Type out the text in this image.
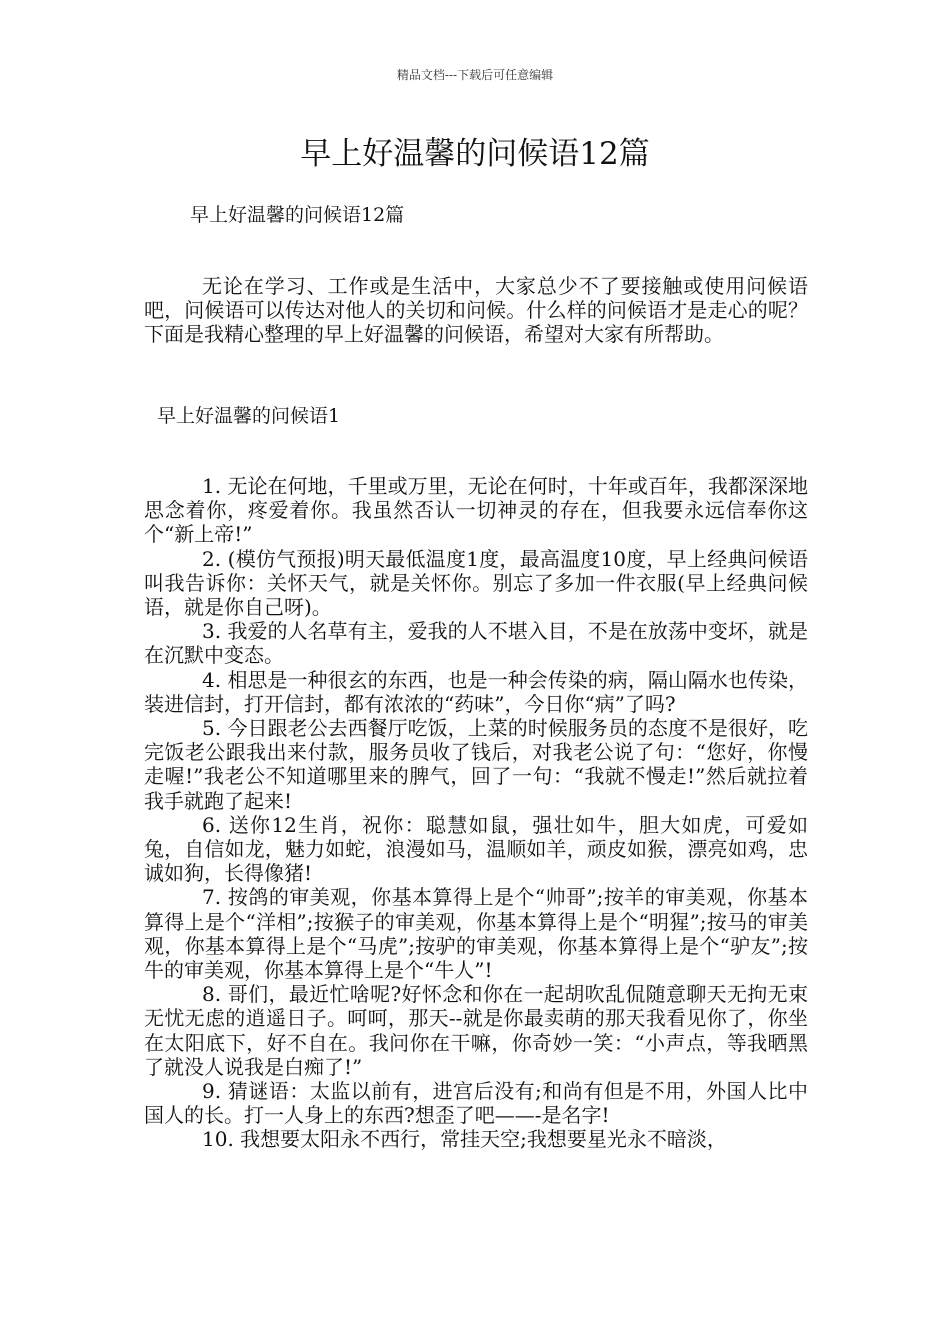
精品文档---下载后可任意编辑
早上好温馨的问候语12篇
早上好温馨的问候语12篇

无论在学习、工作或是生活中，大家总少不了要接触或使用问候语吧，问候语可以传达对他人的关切和问候。什么样的问候语才是走心的呢？下面是我精心整理的早上好温馨的问候语，希望对大家有所帮助。

早上好温馨的问候语1

1. 无论在何地，千里或万里，无论在何时，十年或百年，我都深深地思念着你，疼爱着你。我虽然否认一切神灵的存在，但我要永远信奉你这个“新上帝!”

2. (模仿气预报)明天最低温度1度，最高温度10度，早上经典问候语叫我告诉你：关怀天气，就是关怀你。别忘了多加一件衣服(早上经典问候语，就是你自己呀)。

3. 我爱的人名草有主，爱我的人不堪入目，不是在放荡中变坏，就是在沉默中变态。

4. 相思是一种很玄的东西，也是一种会传染的病，隔山隔水也传染，装进信封，打开信封，都有浓浓的“药味”，今日你“病”了吗?

5. 今日跟老公去西餐厅吃饭，上菜的时候服务员的态度不是很好，吃完饭老公跟我出来付款，服务员收了钱后，对我老公说了句：“您好，你慢走喔!”我老公不知道哪里来的脾气，回了一句：“我就不慢走!”然后就拉着我手就跑了起来!

6. 送你12生肖，祝你：聪慧如鼠，强壮如牛，胆大如虎，可爱如兔，自信如龙，魅力如蛇，浪漫如马，温顺如羊，顽皮如猴，漂亮如鸡，忠诚如狗，长得像猪!

7. 按鸽的审美观，你基本算得上是个“帅哥”;按羊的审美观，你基本算得上是个“洋相”;按猴子的审美观，你基本算得上是个“明猩”;按马的审美观，你基本算得上是个“马虎”;按驴的审美观，你基本算得上是个“驴友”;按牛的审美观，你基本算得上是个“牛人”!

8. 哥们，最近忙啥呢?好怀念和你在一起胡吹乱侃随意聊天无拘无束无忧无虑的逍遥日子。呵呵，那天--就是你最卖萌的那天我看见你了，你坐在太阳底下，好不自在。我问你在干嘛，你奇妙一笑：“小声点，等我晒黑了就没人说我是白痴了!”

9. 猜谜语：太监以前有，进宫后没有;和尚有但是不用，外国人比中国人的长。打一人身上的东西?想歪了吧——-是名字!

10. 我想要太阳永不西行，常挂天空;我想要星光永不暗淡，
